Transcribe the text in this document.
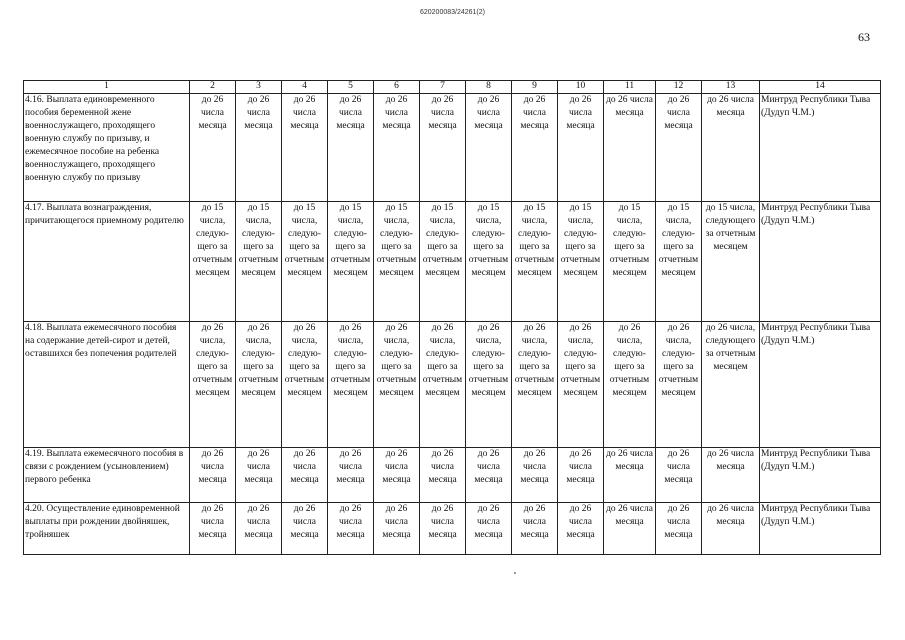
620200083/24261(2)
63
1	2	3	4	5	6	7	8	9	10	11	12	13	14
4.16. Выплата единовременного пособия беременной жене военнослужащего, проходящего военную службу по призыву, и ежемесячное пособие на ребенка военнослужащего, проходящего военную службу по призыву	до 26 числа месяца	до 26 числа месяца	до 26 числа месяца	до 26 числа месяца	до 26 числа месяца	до 26 числа месяца	до 26 числа месяца	до 26 числа месяца	до 26 числа месяца	до 26 числа месяца	до 26 числа месяца	до 26 числа месяца	Минтруд Республики Тыва (Дудуп Ч.М.)
4.17. Выплата вознаграждения, причитающегося приемному родителю	до 15 числа, следующего за отчетным месяцем	до 15 числа, следующего за отчетным месяцем	до 15 числа, следующего за отчетным месяцем	до 15 числа, следующего за отчетным месяцем	до 15 числа, следующего за отчетным месяцем	до 15 числа, следующего за отчетным месяцем	до 15 числа, следующего за отчетным месяцем	до 15 числа, следующего за отчетным месяцем	до 15 числа, следующего за отчетным месяцем	до 15 числа, следующего за отчетным месяцем	до 15 числа, следующего за отчетным месяцем	до 15 числа, следующего за отчетным месяцем	Минтруд Республики Тыва (Дудуп Ч.М.)
4.18. Выплата ежемесячного пособия на содержание детей-сирот и детей, оставшихся без попечения родителей	до 26 числа, следующего за отчетным месяцем	до 26 числа, следующего за отчетным месяцем	до 26 числа, следующего за отчетным месяцем	до 26 числа, следующего за отчетным месяцем	до 26 числа, следующего за отчетным месяцем	до 26 числа, следующего за отчетным месяцем	до 26 числа, следующего за отчетным месяцем	до 26 числа, следующего за отчетным месяцем	до 26 числа, следующего за отчетным месяцем	до 26 числа, следующего за отчетным месяцем	до 26 числа, следующего за отчетным месяцем	до 26 числа, следующего за отчетным месяцем	Минтруд Республики Тыва (Дудуп Ч.М.)
4.19. Выплата ежемесячного пособия в связи с рождением (усыновлением) первого ребенка	до 26 числа месяца	до 26 числа месяца	до 26 числа месяца	до 26 числа месяца	до 26 числа месяца	до 26 числа месяца	до 26 числа месяца	до 26 числа месяца	до 26 числа месяца	до 26 числа месяца	до 26 числа месяца	до 26 числа месяца	Минтруд Республики Тыва (Дудуп Ч.М.)
4.20. Осуществление единовременной выплаты при рождении двойняшек, тройняшек	до 26 числа месяца	до 26 числа месяца	до 26 числа месяца	до 26 числа месяца	до 26 числа месяца	до 26 числа месяца	до 26 числа месяца	до 26 числа месяца	до 26 числа месяца	до 26 числа месяца	до 26 числа месяца	до 26 числа месяца	Минтруд Республики Тыва (Дудуп Ч.М.)
